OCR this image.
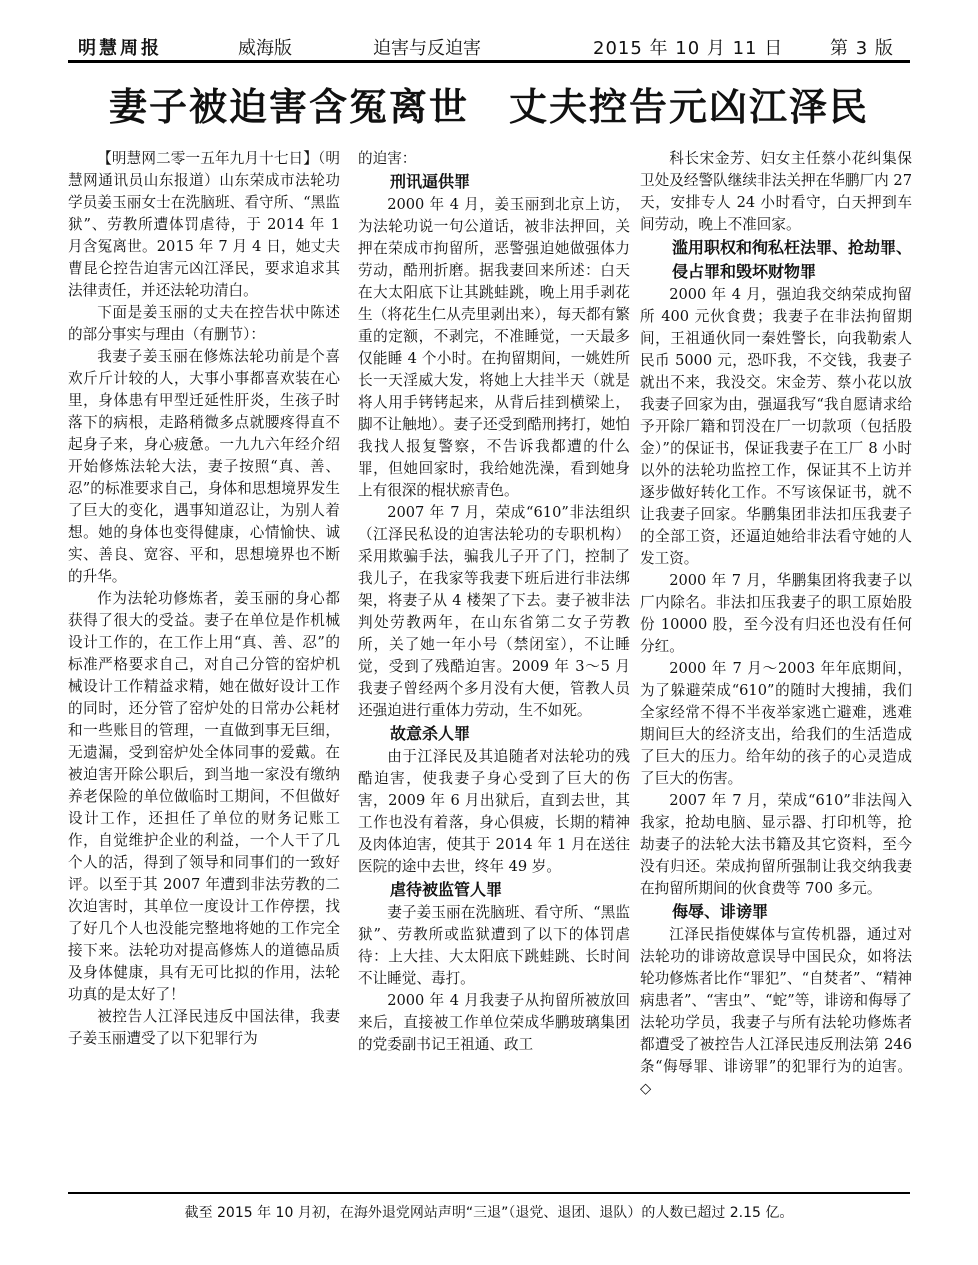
明慧周报	威海版	迫害与反迫害	2015 年 10 月 11 日	第 3 版
妻子被迫害含冤离世　丈夫控告元凶江泽民

【明慧网二零一五年九月十七日】（明慧网通讯员山东报道）山东荣成市法轮功学员姜玉丽女士在洗脑班、看守所、“黑监狱”、劳教所遭体罚虐待，于 2014 年 1 月含冤离世。2015 年 7 月 4 日，她丈夫曹昆仑控告迫害元凶江泽民，要求追求其法律责任，并还法轮功清白。

下面是姜玉丽的丈夫在控告状中陈述的部分事实与理由（有删节）：

我妻子姜玉丽在修炼法轮功前是个喜欢斤斤计较的人，大事小事都喜欢装在心里，身体患有甲型迁延性肝炎，生孩子时落下的病根，走路稍微多点就腰疼得直不起身子来，身心疲惫。一九九六年经介绍开始修炼法轮大法，妻子按照“真、善、忍”的标准要求自己，身体和思想境界发生了巨大的变化，遇事知道忍让，为别人着想。她的身体也变得健康，心情愉快、诚实、善良、宽容、平和，思想境界也不断的升华。

作为法轮功修炼者，姜玉丽的身心都获得了很大的受益。妻子在单位是作机械设计工作的，在工作上用“真、善、忍”的标准严格要求自己，对自己分管的窑炉机械设计工作精益求精，她在做好设计工作的同时，还分管了窑炉处的日常办公耗材和一些账目的管理，一直做到事无巨细，无遗漏，受到窑炉处全体同事的爱戴。在被迫害开除公职后，到当地一家没有缴纳养老保险的单位做临时工期间，不但做好设计工作，还担任了单位的财务记账工作，自觉维护企业的利益，一个人干了几个人的活，得到了领导和同事们的一致好评。以至于其 2007 年遭到非法劳教的二次迫害时，其单位一度设计工作停摆，找了好几个人也没能完整地将她的工作完全接下来。法轮功对提高修炼人的道德品质及身体健康，具有无可比拟的作用，法轮功真的是太好了！

被控告人江泽民违反中国法律，我妻子姜玉丽遭受了以下犯罪行为

的迫害：

刑讯逼供罪

2000 年 4 月，姜玉丽到北京上访，为法轮功说一句公道话，被非法押回，关押在荣成市拘留所，恶警强迫她做强体力劳动，酷刑折磨。据我妻回来所述：白天在大太阳底下让其跳蛙跳，晚上用手剥花生（将花生仁从壳里剥出来），每天都有繁重的定额，不剥完，不准睡觉，一天最多仅能睡 4 个小时。在拘留期间，一姚姓所长一天淫威大发，将她上大挂半天（就是将人用手铐铐起来，从背后挂到横梁上，脚不让触地）。妻子还受到酷刑拷打，她怕我找人报复警察，不告诉我都遭的什么罪，但她回家时，我给她洗澡，看到她身上有很深的棍状瘀青色。

2007 年 7 月，荣成“610”非法组织（江泽民私设的迫害法轮功的专职机构）采用欺骗手法，骗我儿子开了门，控制了我儿子，在我家等我妻下班后进行非法绑架，将妻子从 4 楼架了下去。妻子被非法判处劳教两年，在山东省第二女子劳教所，关了她一年小号（禁闭室），不让睡觉，受到了残酷迫害。2009 年 3～5 月我妻子曾经两个多月没有大便，管教人员还强迫进行重体力劳动，生不如死。

故意杀人罪

由于江泽民及其追随者对法轮功的残酷迫害，使我妻子身心受到了巨大的伤害，2009 年 6 月出狱后，直到去世，其工作也没有着落，身心俱疲，长期的精神及肉体迫害，使其于 2014 年 1 月在送往医院的途中去世，终年 49 岁。

虐待被监管人罪

妻子姜玉丽在洗脑班、看守所、“黑监狱”、劳教所或监狱遭到了以下的体罚虐待：上大挂、大太阳底下跳蛙跳、长时间不让睡觉、毒打。

2000 年 4 月我妻子从拘留所被放回来后，直接被工作单位荣成华鹏玻璃集团的党委副书记王祖通、政工

科长宋金芳、妇女主任蔡小花纠集保卫处及经警队继续非法关押在华鹏厂内 27 天，安排专人 24 小时看守，白天押到车间劳动，晚上不准回家。

滥用职权和徇私枉法罪、抢劫罪、侵占罪和毁坏财物罪

2000 年 4 月，强迫我交纳荣成拘留所 400 元伙食费；我妻子在非法拘留期间，王祖通伙同一秦姓警长，向我勒索人民币 5000 元，恐吓我，不交钱，我妻子就出不来，我没交。宋金芳、蔡小花以放我妻子回家为由，强逼我写“我自愿请求给予开除厂籍和罚没在厂一切款项（包括股金）”的保证书，保证我妻子在工厂 8 小时以外的法轮功监控工作，保证其不上访并逐步做好转化工作。不写该保证书，就不让我妻子回家。华鹏集团非法扣压我妻子的全部工资，还逼迫她给非法看守她的人发工资。

2000 年 7 月，华鹏集团将我妻子以厂内除名。非法扣压我妻子的职工原始股份 10000 股，至今没有归还也没有任何分红。

2000 年 7 月～2003 年年底期间，为了躲避荣成“610”的随时大搜捕，我们全家经常不得不半夜举家逃亡避难，逃难期间巨大的经济支出，给我们的生活造成了巨大的压力。给年幼的孩子的心灵造成了巨大的伤害。

2007 年 7 月，荣成“610”非法闯入我家，抢劫电脑、显示器、打印机等，抢劫妻子的法轮大法书籍及其它资料，至今没有归还。荣成拘留所强制让我交纳我妻在拘留所期间的伙食费等 700 多元。

侮辱、诽谤罪

江泽民指使媒体与宣传机器，通过对法轮功的诽谤故意误导中国民众，如将法轮功修炼者比作“罪犯”、“自焚者”、“精神病患者”、“害虫”、“蛇”等，诽谤和侮辱了法轮功学员，我妻子与所有法轮功修炼者都遭受了被控告人江泽民违反刑法第 246 条“侮辱罪、诽谤罪”的犯罪行为的迫害。◇

截至 2015 年 10 月初，在海外退党网站声明“三退”（退党、退团、退队）的人数已超过 2.15 亿。
